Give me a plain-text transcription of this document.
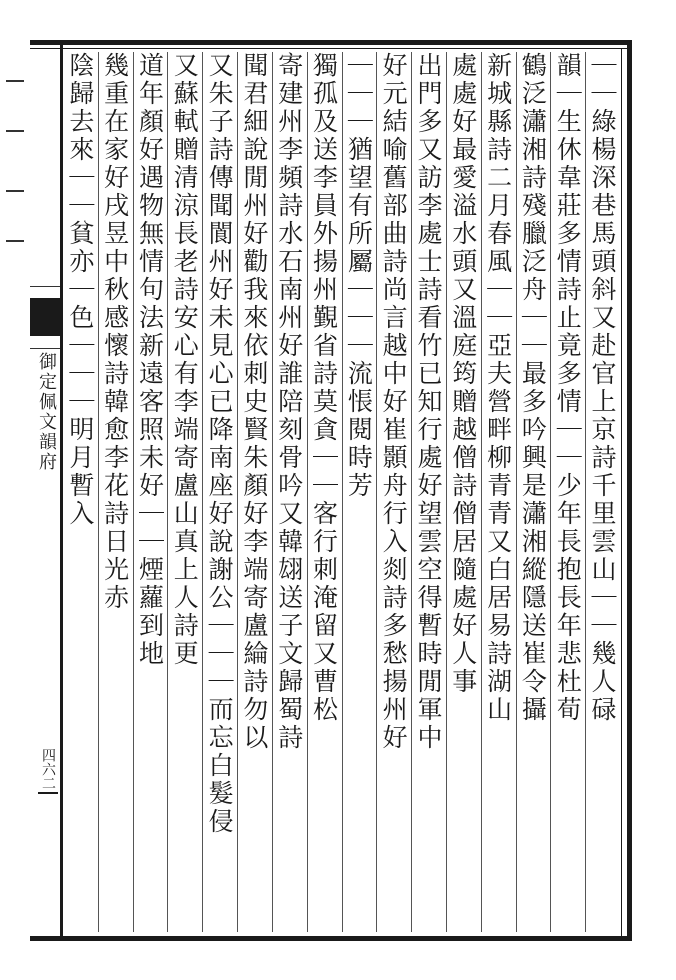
御定佩文韻府
四六二
｜｜綠楊深巷馬頭斜又赴官上京詩千里雲山｜｜幾人碌
韻｜生休韋莊多情詩止竟多情｜｜少年長抱長年悲杜荀
鶴泛瀟湘詩殘臘泛舟｜｜最多吟興是瀟湘縱隱送崔令攝
新城縣詩二月春風｜｜亞夫營畔柳青青又白居易詩湖山
處處好最愛溢水頭又溫庭筠贈越僧詩僧居隨處好人事
出門多又訪李處士詩看竹已知行處好望雲空得暫時閒軍中
好元結喻舊部曲詩尚言越中好崔顥舟行入剡詩多愁揚州好
｜｜｜猶望有所屬｜｜｜流悵閱時芳
獨孤及送李員外揚州覲省詩莫貪｜｜客行刺淹留又曹松
寄建州李頻詩水石南州好誰陪刻骨吟又韓翃送子文歸蜀詩
聞君細說閒州好勸我來依刺史賢朱顏好李端寄盧綸詩勿以
又朱子詩傳聞閬州好未見心已降南座好說謝公｜｜｜而忘白髮侵
又蘇軾贈清涼長老詩安心有李端寄盧山真上人詩更
道年顏好遇物無情句法新遠客照未好｜｜煙蘿到地
幾重在家好戌昱中秋感懷詩韓愈李花詩日光赤
陰歸去來｜｜貧亦｜色｜｜｜明月暫入
